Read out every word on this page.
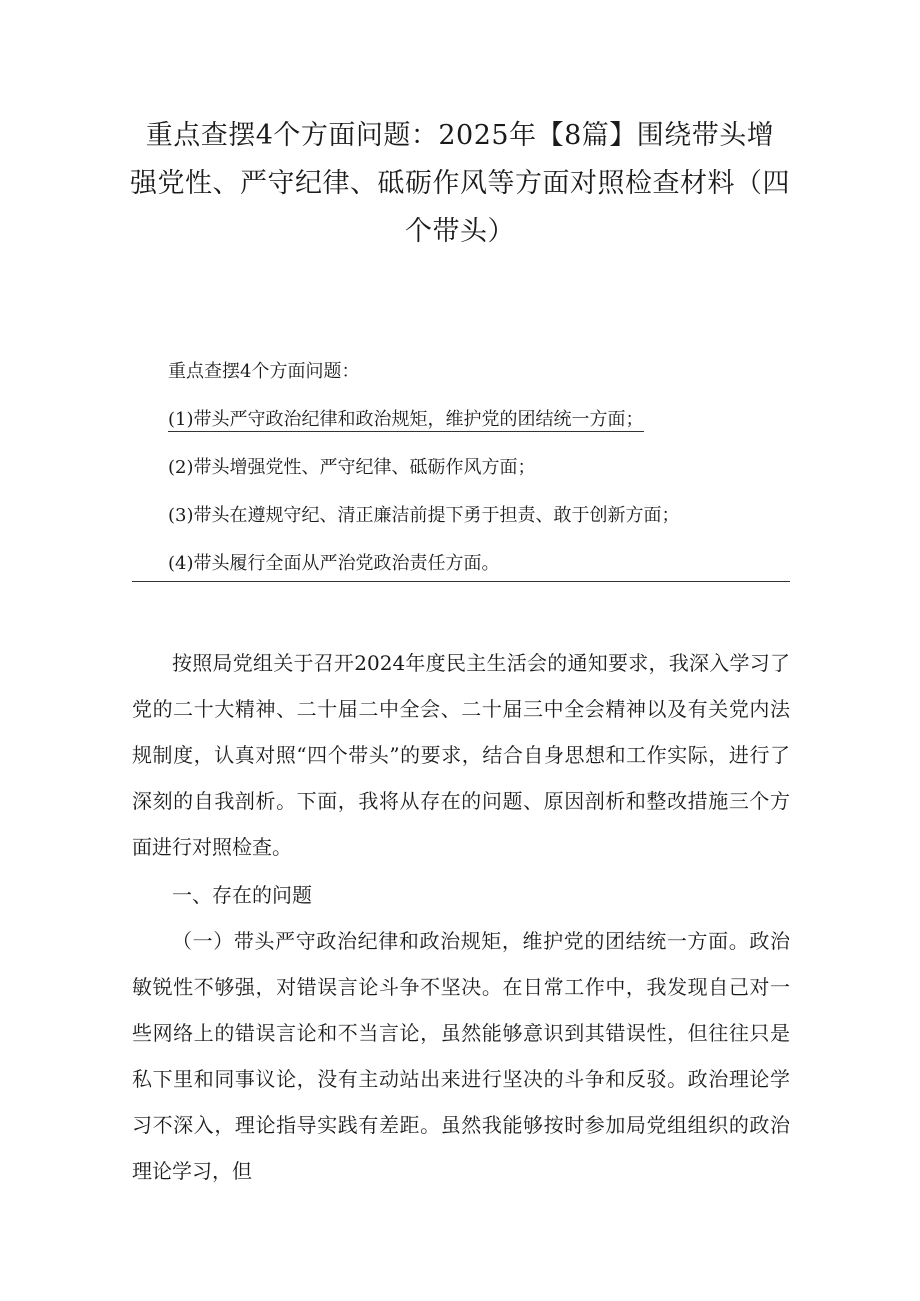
重点查摆4个方面问题：2025年【8篇】围绕带头增
强党性、严守纪律、砥砺作风等方面对照检查材料（四
个带头）
重点查摆4个方面问题：
(1)带头严守政治纪律和政治规矩，维护党的团结统一方面；
(2)带头增强党性、严守纪律、砥砺作风方面；
(3)带头在遵规守纪、清正廉洁前提下勇于担责、敢于创新方面；
(4)带头履行全面从严治党政治责任方面。

按照局党组关于召开2024年度民主生活会的通知要求，我深入学习了党的二十大精神、二十届二中全会、二十届三中全会精神以及有关党内法规制度，认真对照“四个带头”的要求，结合自身思想和工作实际，进行了深刻的自我剖析。下面，我将从存在的问题、原因剖析和整改措施三个方面进行对照检查。

一、存在的问题

（一）带头严守政治纪律和政治规矩，维护党的团结统一方面。政治敏锐性不够强，对错误言论斗争不坚决。在日常工作中，我发现自己对一些网络上的错误言论和不当言论，虽然能够意识到其错误性，但往往只是私下里和同事议论，没有主动站出来进行坚决的斗争和反驳。政治理论学习不深入，理论指导实践有差距。虽然我能够按时参加局党组组织的政治理论学习，但
